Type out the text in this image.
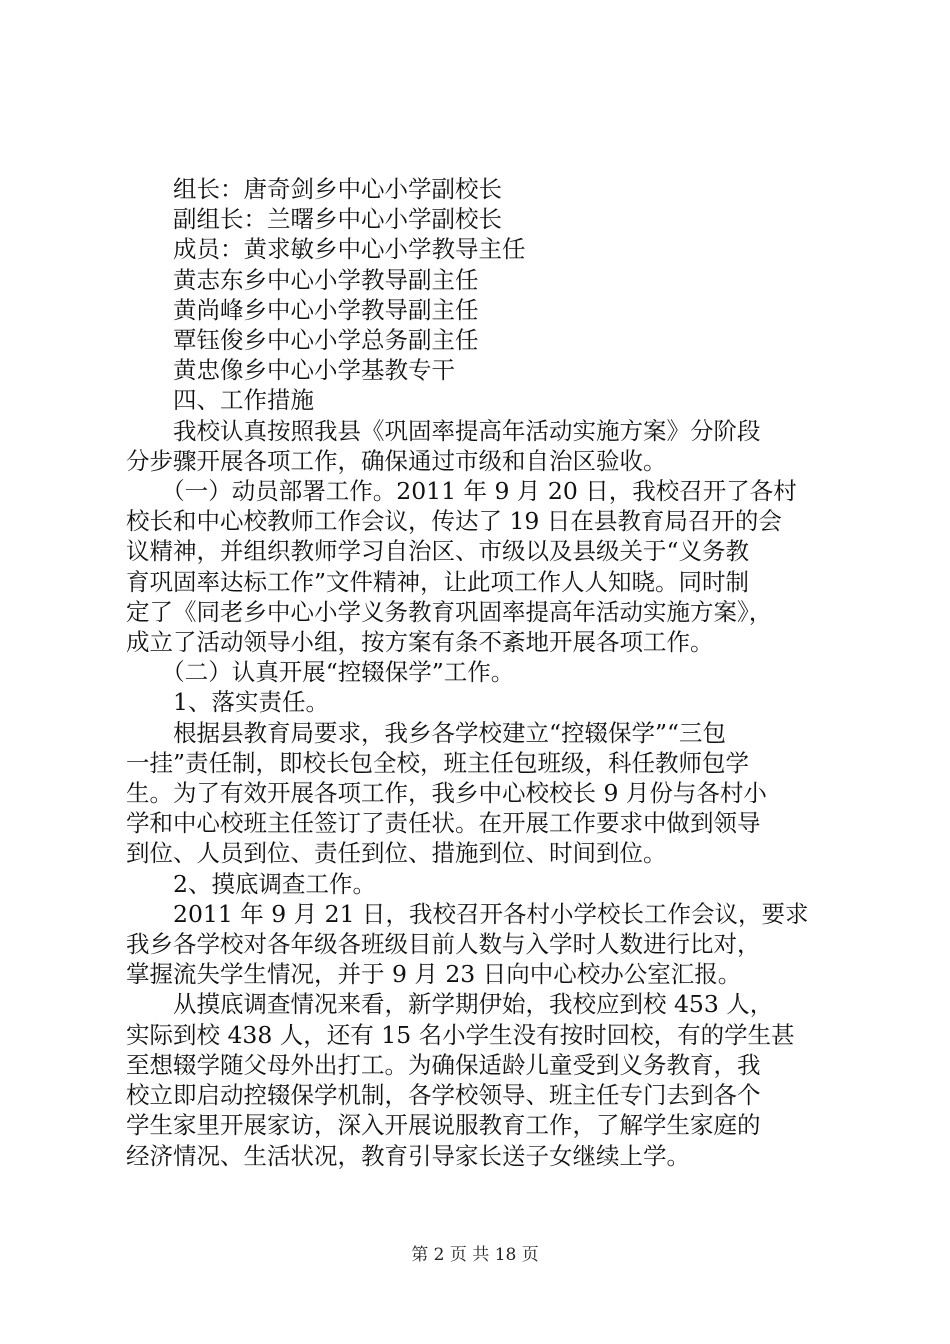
　　组长：唐奇剑乡中心小学副校长
　　副组长：兰曙乡中心小学副校长
　　成员：黄求敏乡中心小学教导主任
　　黄志东乡中心小学教导副主任
　　黄尚峰乡中心小学教导副主任
　　覃钰俊乡中心小学总务副主任
　　黄忠像乡中心小学基教专干
　　四、工作措施
　　我校认真按照我县《巩固率提高年活动实施方案》分阶段
分步骤开展各项工作，确保通过市级和自治区验收。
　　（一）动员部署工作。2011 年 9 月 20 日，我校召开了各村
校长和中心校教师工作会议，传达了 19 日在县教育局召开的会
议精神，并组织教师学习自治区、市级以及县级关于“义务教
育巩固率达标工作”文件精神，让此项工作人人知晓。同时制
定了《同老乡中心小学义务教育巩固率提高年活动实施方案》，
成立了活动领导小组，按方案有条不紊地开展各项工作。
　　（二）认真开展“控辍保学”工作。
　　1、落实责任。
　　根据县教育局要求，我乡各学校建立“控辍保学”“三包
一挂”责任制，即校长包全校，班主任包班级，科任教师包学
生。为了有效开展各项工作，我乡中心校校长 9 月份与各村小
学和中心校班主任签订了责任状。在开展工作要求中做到领导
到位、人员到位、责任到位、措施到位、时间到位。
　　2、摸底调查工作。
　　2011 年 9 月 21 日，我校召开各村小学校长工作会议，要求
我乡各学校对各年级各班级目前人数与入学时人数进行比对，
掌握流失学生情况，并于 9 月 23 日向中心校办公室汇报。
　　从摸底调查情况来看，新学期伊始，我校应到校 453 人，
实际到校 438 人，还有 15 名小学生没有按时回校，有的学生甚
至想辍学随父母外出打工。为确保适龄儿童受到义务教育，我
校立即启动控辍保学机制，各学校领导、班主任专门去到各个
学生家里开展家访，深入开展说服教育工作，了解学生家庭的
经济情况、生活状况，教育引导家长送子女继续上学。
第 2 页 共 18 页
